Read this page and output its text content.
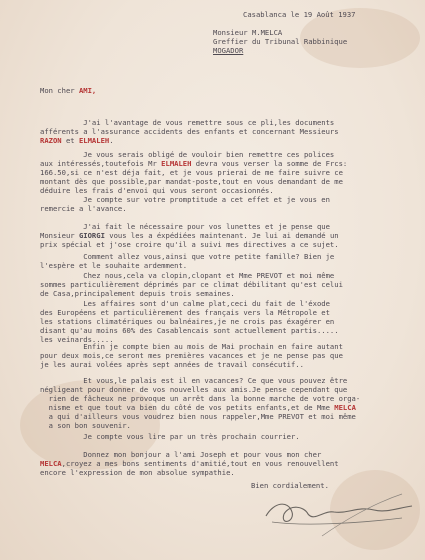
Casablanca le 19 Août 1937
Monsieur M.MELCA
Greffier du Tribunal Rabbinique
MOGADOR
Mon cher AMI,
J'ai l'avantage de vous remettre sous ce pli,les documents
afférents a l'assurance accidents des enfants et concernant Messieurs
RAZON et ELMALEH.
Je vous serais obligé de vouloir bien remettre ces polices
aux intéressés,toutefois Mr ELMALEH devra vous verser la somme de Frcs:
166.50,si ce n'est déja fait, et je vous prierai de me faire suivre ce
montant dès que possible,par mandat-poste,tout en vous demandant de me
déduire les frais d'envoi qui vous seront occasionnés.
Je compte sur votre promptitude a cet effet et je vous en
remercie a l'avance.
J'ai fait le nécessaire pour vos lunettes et je pense que
Monsieur GIORGI vous les a éxpédiées maintenant. Je lui ai demandé un
prix spécial et j'ose croire qu'il a suivi mes directives a ce sujet.
Comment allez vous,ainsi que votre petite famille? Bien je
l'espère et le souhaite ardemment.
Chez nous,cela va clopin,clopant et Mme PREVOT et moi même
sommes particulièrement déprimés par ce climat débilitant qu'est celui
de Casa,principalement depuis trois semaines.
Les affaires sont d'un calme plat,ceci du fait de l'éxode
des Européens et particulièrement des français vers la Métropole et
les stations climatériques ou balnéaires,je ne crois pas éxagérer en
disant qu'au moins 60% des Casablencais sont actuellement partis.....
les veinards.....
Enfin je compte bien au mois de Mai prochain en faire autant
pour deux mois,ce seront mes premières vacances et je ne pense pas que
je les aurai volées après sept années de travail consécutif..
Et vous,le palais est il en vacances? Ce que vous pouvez être
négligeant pour donner de vos nouvelles aux amis.Je pense cependant que
rien de fâcheux ne provoque un arrêt dans la bonne marche de votre orga-
nisme et que tout va bien du côté de vos petits enfants,et de Mme MELCA
a qui d'ailleurs vous voudrez bien nous rappeler,Mme PREVOT et moi même
a son bon souvenir.
Je compte vous lire par un très prochain courrier.
Donnez mon bonjour a l'ami Joseph et pour vous mon cher
MELCA,croyez a mes bons sentiments d'amitié,tout en vous renouvellent
encore l'expression de mon absolue sympathie.
Bien cordialement.
